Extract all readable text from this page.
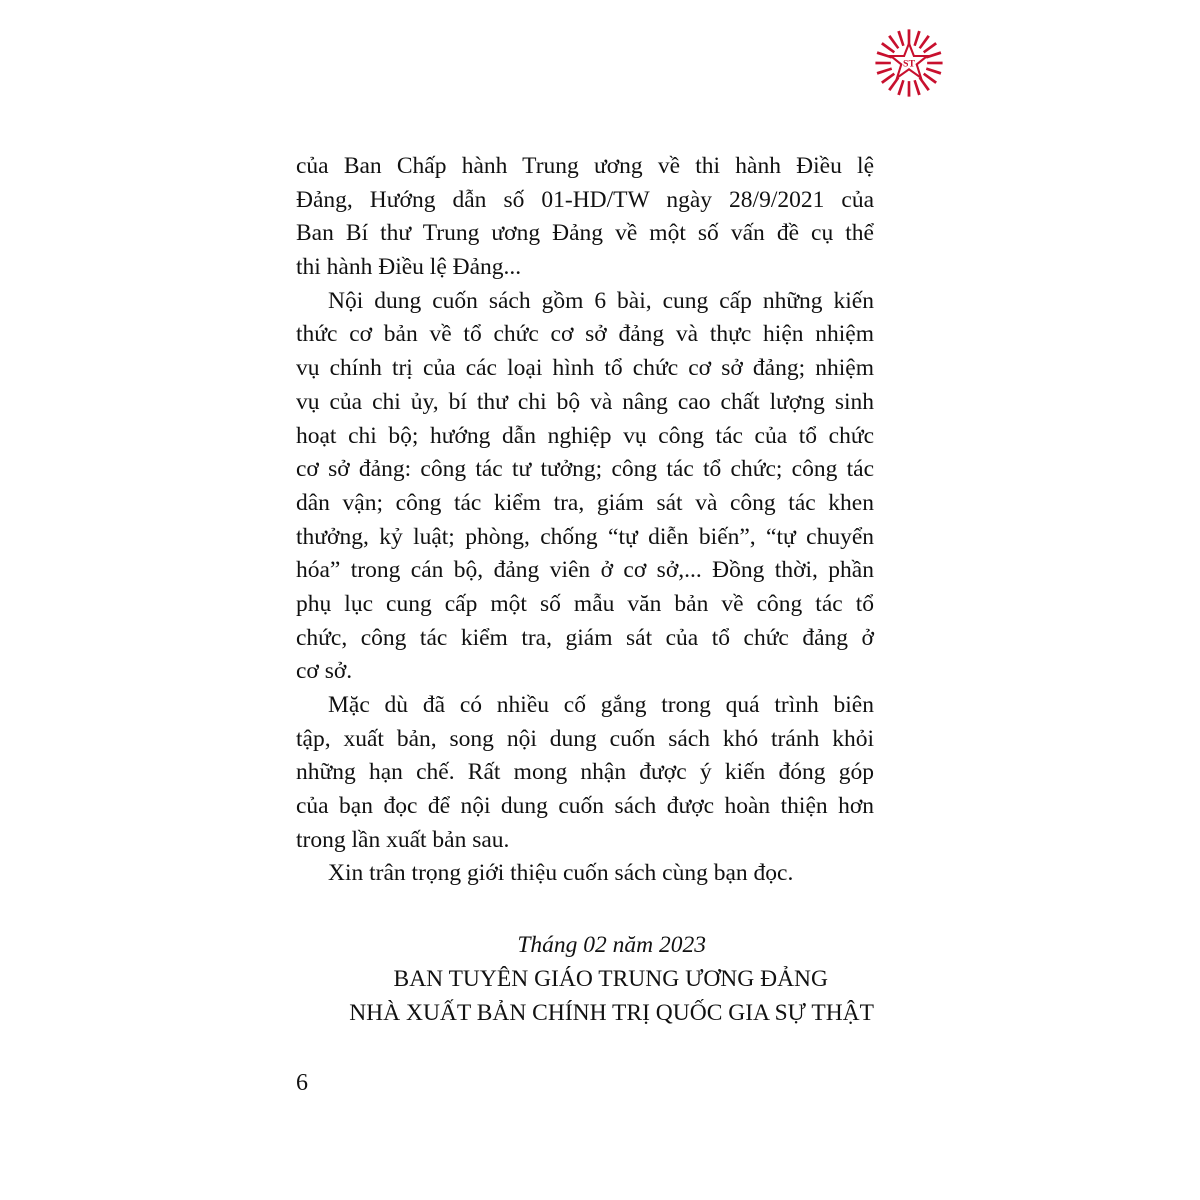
ST
của Ban Chấp hành Trung ương về thi hành Điều lệ
Đảng, Hướng dẫn số 01-HD/TW ngày 28/9/2021 của
Ban Bí thư Trung ương Đảng về một số vấn đề cụ thể
thi hành Điều lệ Đảng...
Nội dung cuốn sách gồm 6 bài, cung cấp những kiến
thức cơ bản về tổ chức cơ sở đảng và thực hiện nhiệm
vụ chính trị của các loại hình tổ chức cơ sở đảng; nhiệm
vụ của chi ủy, bí thư chi bộ và nâng cao chất lượng sinh
hoạt chi bộ; hướng dẫn nghiệp vụ công tác của tổ chức
cơ sở đảng: công tác tư tưởng; công tác tổ chức; công tác
dân vận; công tác kiểm tra, giám sát và công tác khen
thưởng, kỷ luật; phòng, chống “tự diễn biến”, “tự chuyển
hóa” trong cán bộ, đảng viên ở cơ sở,... Đồng thời, phần
phụ lục cung cấp một số mẫu văn bản về công tác tổ
chức, công tác kiểm tra, giám sát của tổ chức đảng ở
cơ sở.
Mặc dù đã có nhiều cố gắng trong quá trình biên
tập, xuất bản, song nội dung cuốn sách khó tránh khỏi
những hạn chế. Rất mong nhận được ý kiến đóng góp
của bạn đọc để nội dung cuốn sách được hoàn thiện hơn
trong lần xuất bản sau.
Xin trân trọng giới thiệu cuốn sách cùng bạn đọc.
Tháng 02 năm 2023
BAN TUYÊN GIÁO TRUNG ƯƠNG ĐẢNG
NHÀ XUẤT BẢN CHÍNH TRỊ QUỐC GIA SỰ THẬT
6
